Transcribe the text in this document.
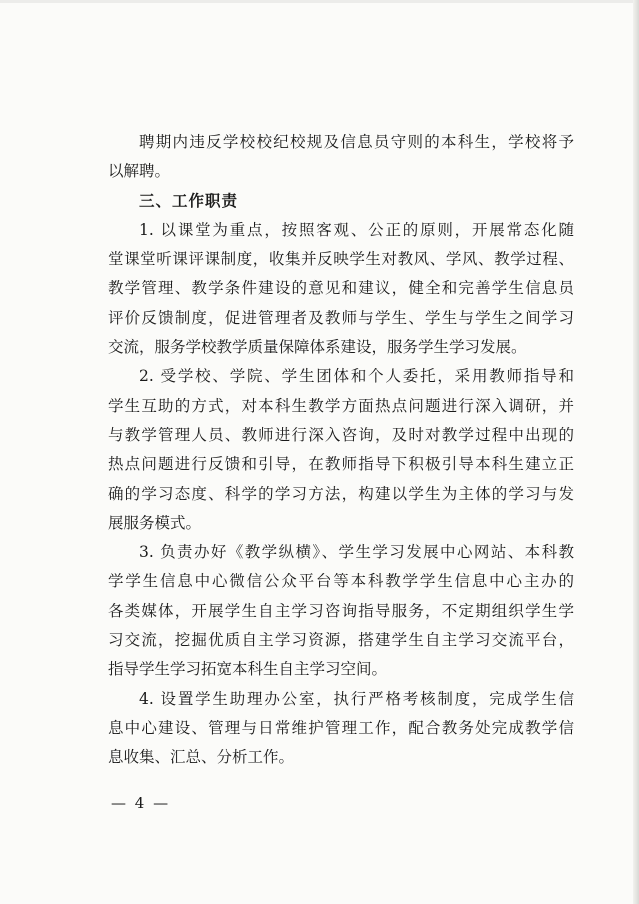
聘期内违反学校校纪校规及信息员守则的本科生，学校将予
以解聘。
三、工作职责
1. 以课堂为重点，按照客观、公正的原则，开展常态化随
堂课堂听课评课制度，收集并反映学生对教风、学风、教学过程、
教学管理、教学条件建设的意见和建议，健全和完善学生信息员
评价反馈制度，促进管理者及教师与学生、学生与学生之间学习
交流，服务学校教学质量保障体系建设，服务学生学习发展。
2. 受学校、学院、学生团体和个人委托，采用教师指导和
学生互助的方式，对本科生教学方面热点问题进行深入调研，并
与教学管理人员、教师进行深入咨询，及时对教学过程中出现的
热点问题进行反馈和引导，在教师指导下积极引导本科生建立正
确的学习态度、科学的学习方法，构建以学生为主体的学习与发
展服务模式。
3. 负责办好《教学纵横》、学生学习发展中心网站、本科教
学学生信息中心微信公众平台等本科教学学生信息中心主办的
各类媒体，开展学生自主学习咨询指导服务，不定期组织学生学
习交流，挖掘优质自主学习资源，搭建学生自主学习交流平台，
指导学生学习拓宽本科生自主学习空间。
4. 设置学生助理办公室，执行严格考核制度，完成学生信
息中心建设、管理与日常维护管理工作，配合教务处完成教学信
息收集、汇总、分析工作。
— 4 —
